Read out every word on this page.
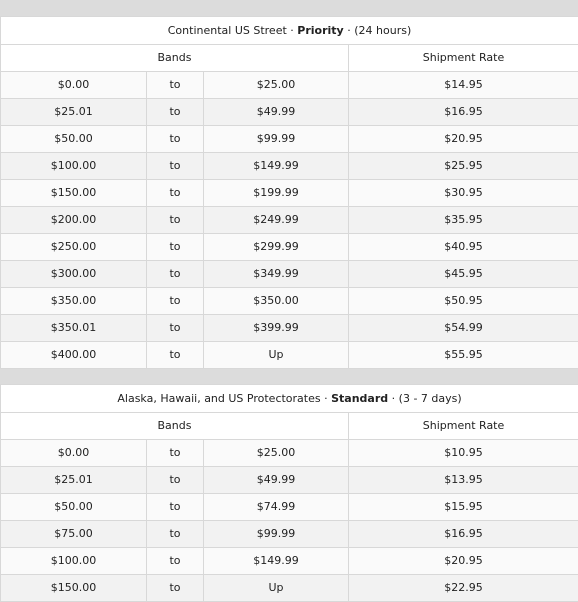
Continental US Street · Priority · (24 hours)			
Bands			Shipment Rate
$0.00	to	$25.00	$14.95
$25.01	to	$49.99	$16.95
$50.00	to	$99.99	$20.95
$100.00	to	$149.99	$25.95
$150.00	to	$199.99	$30.95
$200.00	to	$249.99	$35.95
$250.00	to	$299.99	$40.95
$300.00	to	$349.99	$45.95
$350.00	to	$350.00	$50.95
$350.01	to	$399.99	$54.99
$400.00	to	Up	$55.95
Alaska, Hawaii, and US Protectorates · Standard · (3 - 7 days)			
Bands			Shipment Rate
$0.00	to	$25.00	$10.95
$25.01	to	$49.99	$13.95
$50.00	to	$74.99	$15.95
$75.00	to	$99.99	$16.95
$100.00	to	$149.99	$20.95
$150.00	to	Up	$22.95
